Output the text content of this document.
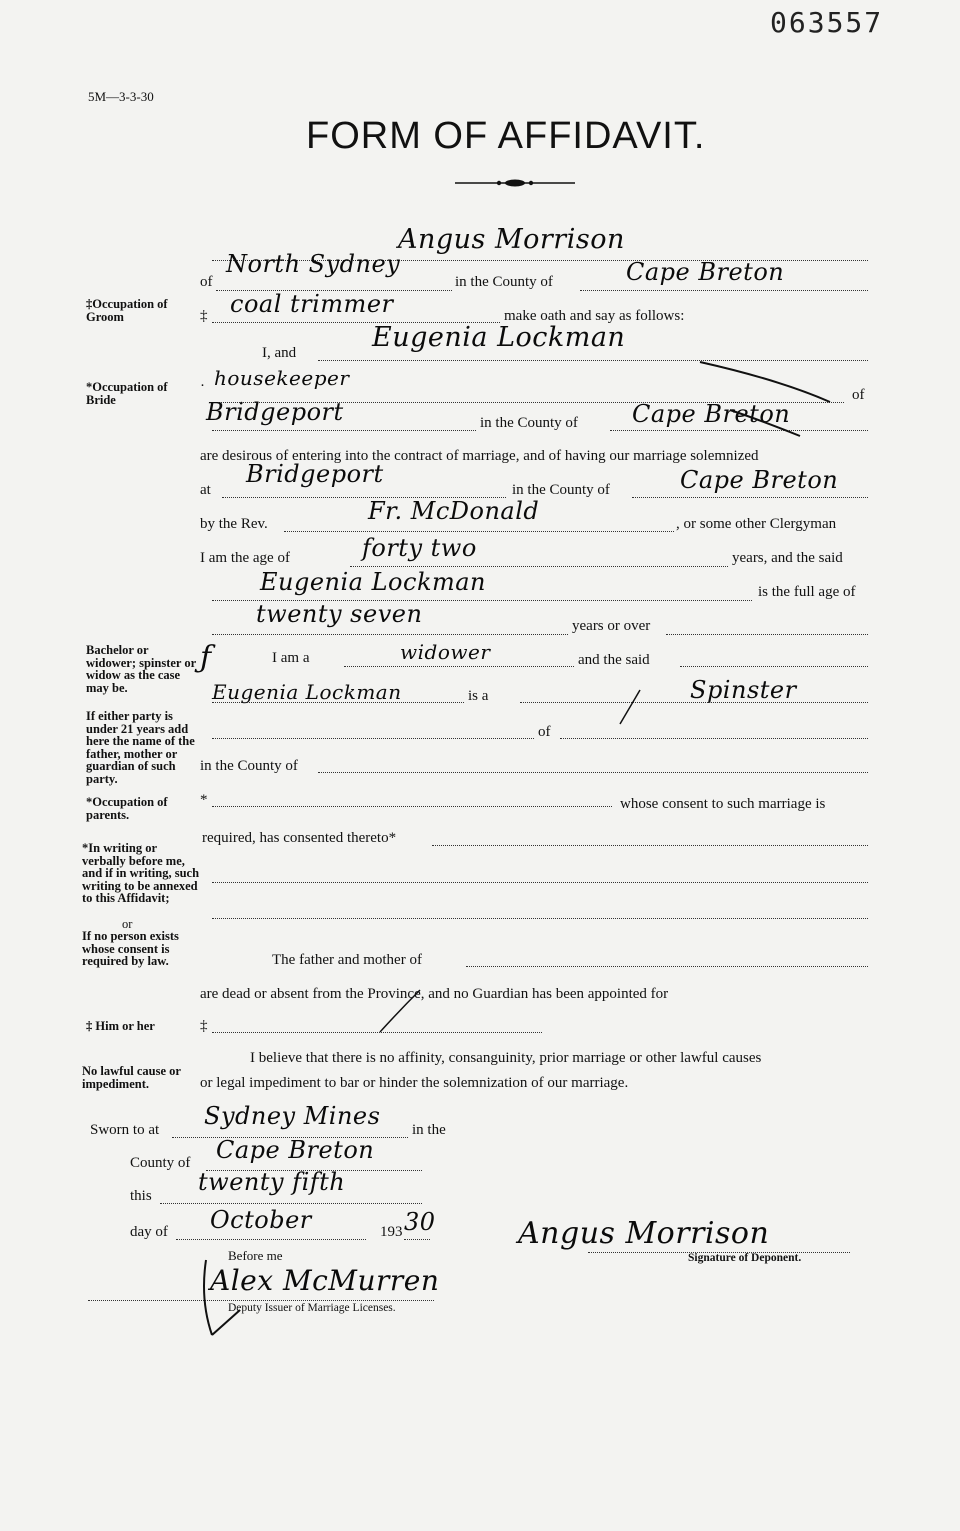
063557
5M—3-3-30
FORM OF AFFIDAVIT.
Angus Morrison
of
North Sydney
in the County of	Cape Breton
‡Occupation of Groom	‡ coal trimmer	make oath and say as follows:
I, and	Eugenia Lockman
*Occupation of Bride
· housekeeper
of
Bridgeport	in the County of Cape Breton
are desirous of entering into the contract of marriage, and of having our marriage solemnized
at
Bridgeport
in the County of	Cape Breton
by the Rev.	Fr. McDonald	, or some other Clergyman
I am the age of	forty two	years, and the said
Eugenia Lockman	is the full age of
twenty seven	years or over
Bachelor or widower; spinster or widow as the case may be.
ƒ	I am a	widower	and the said
Eugenia Lockman	is a	Spinster
If either party is under 21 years add here the name of the father, mother or guardian of such party.
of
in the County of
*Occupation of parents.
*	whose consent to such marriage is
required, has consented thereto*
*In writing or verbally before me, and if in writing, such writing to be annexed to this Affidavit;
or
If no person exists whose consent is required by law.	The father and mother of
are dead or absent from the Province, and no Guardian has been appointed for
‡ Him or her	‡
No lawful cause or impediment.
I believe that there is no affinity, consanguinity, prior marriage or other lawful causes
or legal impediment to bar or hinder the solemnization of our marriage.
Sworn to at Sydney Mines in the
County of Cape Breton
this twenty fifth
day of October	193 30
Before me
Alex McMurren
Deputy Issuer of Marriage Licenses.
Angus Morrison
Signature of Deponent.
